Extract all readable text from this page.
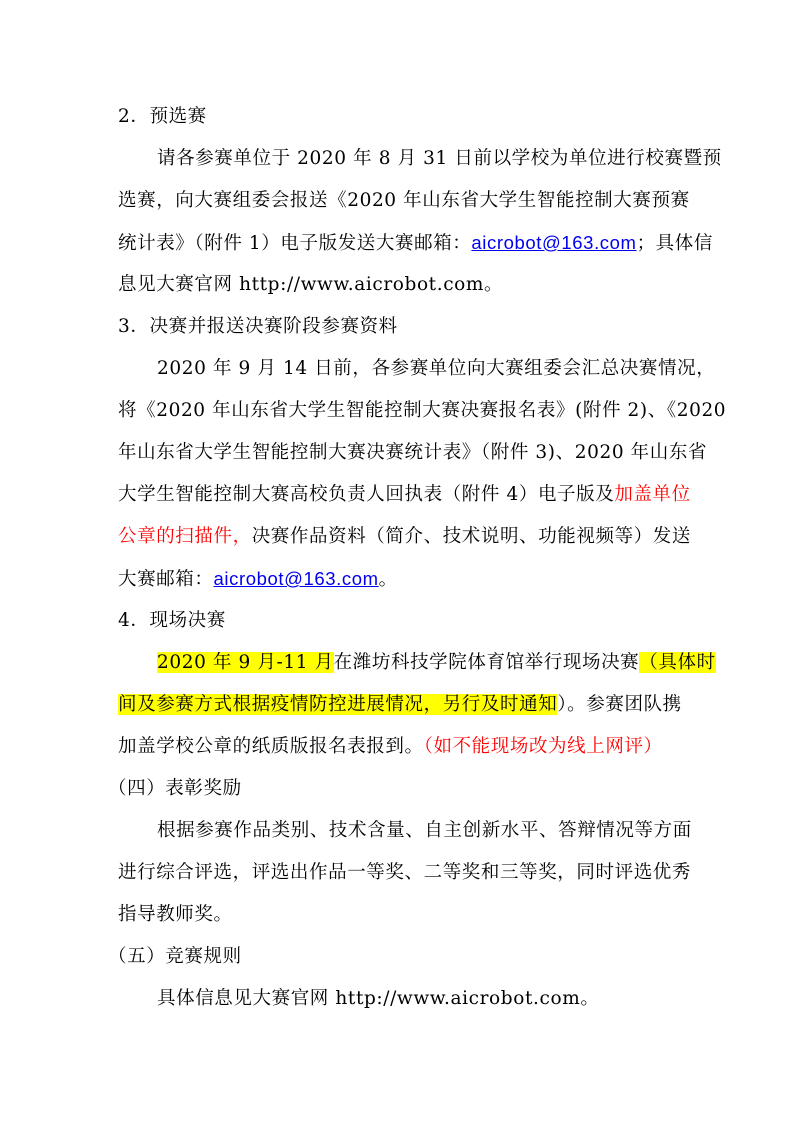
2．预选赛
请各参赛单位于 2020 年 8 月 31 日前以学校为单位进行校赛暨预
选赛，向大赛组委会报送《2020 年山东省大学生智能控制大赛预赛
统计表》（附件 1）电子版发送大赛邮箱：aicrobot@163.com；具体信
息见大赛官网 http://www.aicrobot.com。
3．决赛并报送决赛阶段参赛资料
2020 年 9 月 14 日前，各参赛单位向大赛组委会汇总决赛情况，
将《2020 年山东省大学生智能控制大赛决赛报名表》(附件 2)、《2020
年山东省大学生智能控制大赛决赛统计表》（附件 3)、2020 年山东省
大学生智能控制大赛高校负责人回执表（附件 4）电子版及加盖单位
公章的扫描件，决赛作品资料（简介、技术说明、功能视频等）发送
大赛邮箱：aicrobot@163.com。
4．现场决赛
2020 年 9 月-11 月在潍坊科技学院体育馆举行现场决赛（具体时
间及参赛方式根据疫情防控进展情况，另行及时通知）。参赛团队携
加盖学校公章的纸质版报名表报到。（如不能现场改为线上网评）
（四）表彰奖励
根据参赛作品类别、技术含量、自主创新水平、答辩情况等方面
进行综合评选，评选出作品一等奖、二等奖和三等奖，同时评选优秀
指导教师奖。
（五）竞赛规则
具体信息见大赛官网 http://www.aicrobot.com。
